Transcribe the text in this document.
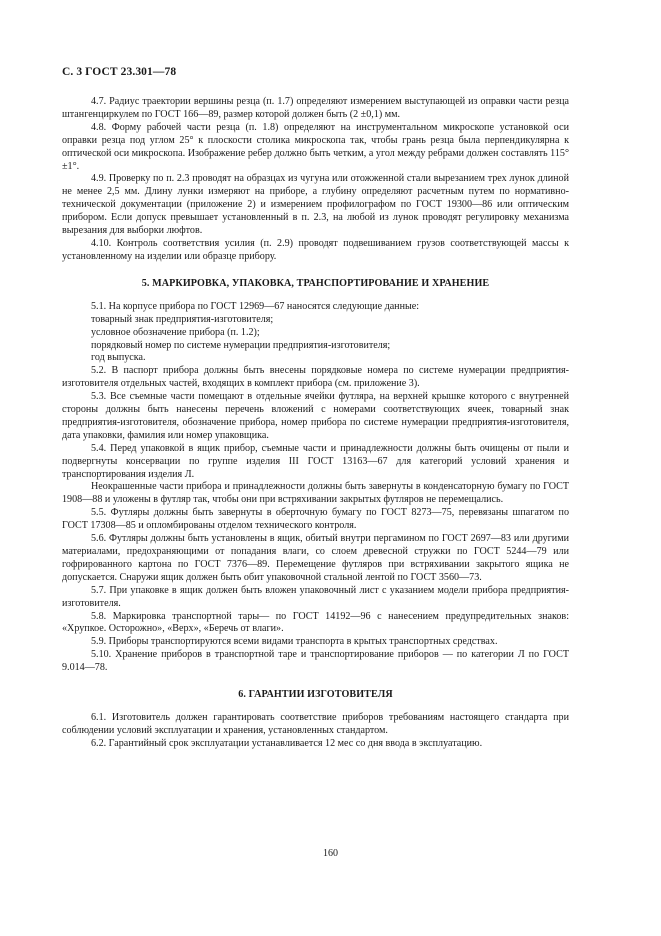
С. 3 ГОСТ 23.301—78

4.7. Радиус траектории вершины резца (п. 1.7) определяют измерением выступающей из оправки части резца штангенциркулем по ГОСТ 166—89, размер которой должен быть (2 ±0,1) мм.

4.8. Форму рабочей части резца (п. 1.8) определяют на инструментальном микроскопе установкой оси оправки резца под углом 25° к плоскости столика микроскопа так, чтобы грань резца была перпендикулярна к оптической оси микроскопа. Изображение ребер должно быть четким, а угол между ребрами должен составлять 115°±1°.

4.9. Проверку по п. 2.3 проводят на образцах из чугуна или отожженной стали вырезанием трех лунок длиной не менее 2,5 мм. Длину лунки измеряют на приборе, а глубину определяют расчетным путем по нормативно-технической документации (приложение 2) и измерением профилографом по ГОСТ 19300—86 или оптическим прибором. Если допуск превышает установленный в п. 2.3, на любой из лунок проводят регулировку механизма вырезания для выборки люфтов.

4.10. Контроль соответствия усилия (п. 2.9) проводят подвешиванием грузов соответствующей массы к установленному на изделии или образце прибору.

5. МАРКИРОВКА, УПАКОВКА, ТРАНСПОРТИРОВАНИЕ И ХРАНЕНИЕ

5.1. На корпусе прибора по ГОСТ 12969—67 наносятся следующие данные:

товарный знак предприятия-изготовителя;

условное обозначение прибора (п. 1.2);

порядковый номер по системе нумерации предприятия-изготовителя;

год выпуска.

5.2. В паспорт прибора должны быть внесены порядковые номера по системе нумерации предприятия-изготовителя отдельных частей, входящих в комплект прибора (см. приложение 3).

5.3. Все съемные части помещают в отдельные ячейки футляра, на верхней крышке которого с внутренней стороны должны быть нанесены перечень вложений с номерами соответствующих ячеек, товарный знак предприятия-изготовителя, обозначение прибора, номер прибора по системе нумерации предприятия-изготовителя, дата упаковки, фамилия или номер упаковщика.

5.4. Перед упаковкой в ящик прибор, съемные части и принадлежности должны быть очищены от пыли и подвергнуты консервации по группе изделия III ГОСТ 13163—67 для категорий условий хранения и транспортирования изделия Л.

Неокрашенные части прибора и принадлежности должны быть завернуты в конденсаторную бумагу по ГОСТ 1908—88 и уложены в футляр так, чтобы они при встряхивании закрытых футляров не перемещались.

5.5. Футляры должны быть завернуты в оберточную бумагу по ГОСТ 8273—75, перевязаны шпагатом по ГОСТ 17308—85 и опломбированы отделом технического контроля.

5.6. Футляры должны быть установлены в ящик, обитый внутри пергамином по ГОСТ 2697—83 или другими материалами, предохраняющими от попадания влаги, со слоем древесной стружки по ГОСТ 5244—79 или гофрированного картона по ГОСТ 7376—89. Перемещение футляров при встряхивании закрытого ящика не допускается. Снаружи ящик должен быть обит упаковочной стальной лентой по ГОСТ 3560—73.

5.7. При упаковке в ящик должен быть вложен упаковочный лист с указанием модели прибора предприятия-изготовителя.

5.8. Маркировка транспортной тары— по ГОСТ 14192—96 с нанесением предупредительных знаков: «Хрупкое. Осторожно», «Верх», «Беречь от влаги».

5.9. Приборы транспортируются всеми видами транспорта в крытых транспортных средствах.

5.10. Хранение приборов в транспортной таре и транспортирование приборов — по категории Л по ГОСТ 9.014—78.

6. ГАРАНТИИ ИЗГОТОВИТЕЛЯ

6.1. Изготовитель должен гарантировать соответствие приборов требованиям настоящего стандарта при соблюдении условий эксплуатации и хранения, установленных стандартом.

6.2. Гарантийный срок эксплуатации устанавливается 12 мес со дня ввода в эксплуатацию.

160
